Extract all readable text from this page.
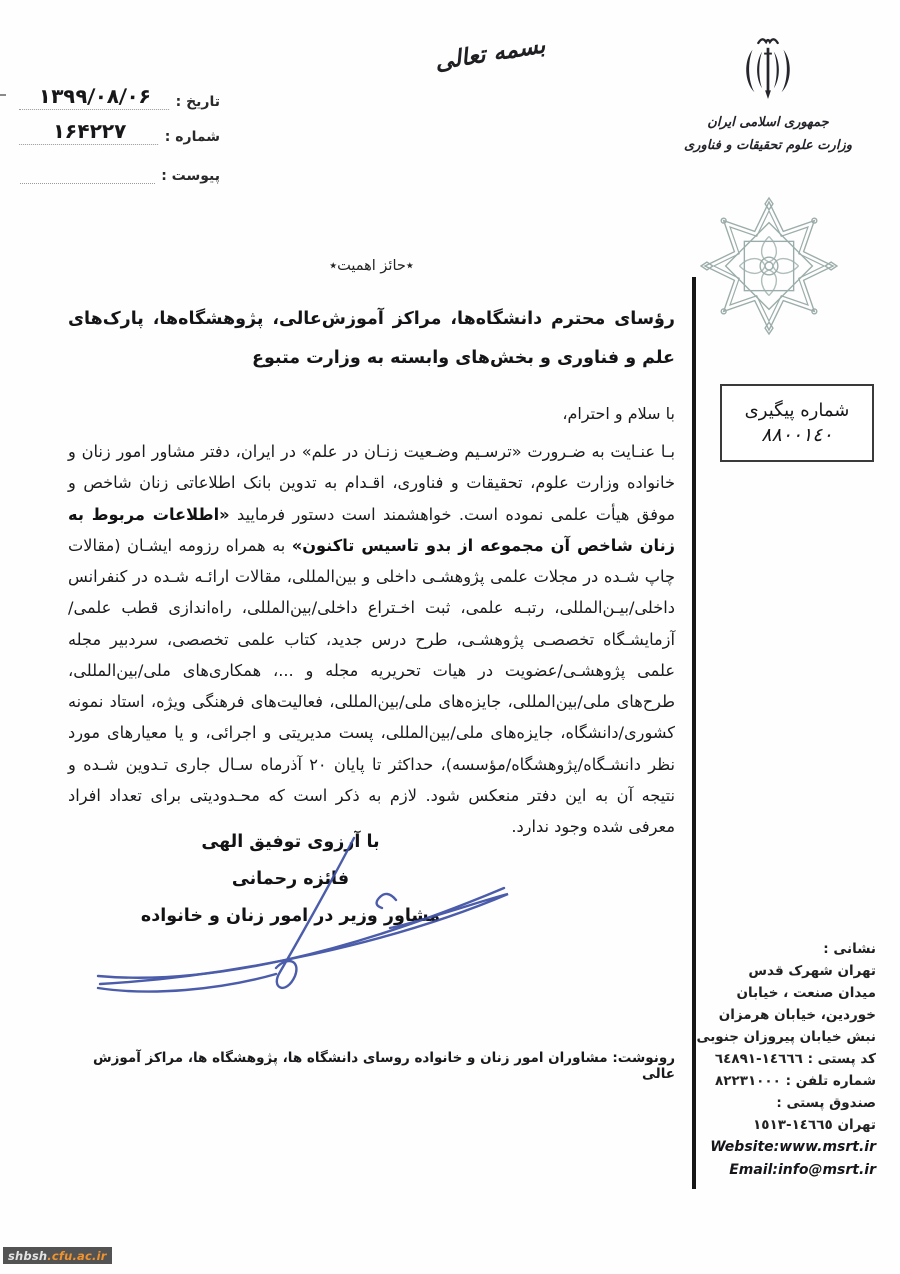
تاریخ :
۱۳۹۹/۰۸/۰۶
شماره :
۱۶۴۲۲۷
پیوست :
بسمه تعالی
جمهوری اسلامی ایران
وزارت علوم تحقیقات و فناوری
شماره پیگیری
٨٨٠٠١٤٠
٭حائز اهمیت٭
رؤسای محترم دانشگاه‌ها، مراکز آموزش‌عالی، پژوهشگاه‌ها، پارک‌های علم و فناوری و بخش‌های وابسته به وزارت متبوع
با سلام و احترام،
بـا عنـایت به ضـرورت «ترسـیم وضـعیت زنـان در علم» در ایران، دفتر مشاور امور زنان و خانواده وزارت علوم، تحقیقات و فناوری، اقـدام به تدوین بانک اطلاعاتی زنان شاخص و موفق هیأت علمی نموده است. خواهشمند است دستور فرمایید «اطلاعات مربوط به زنان شاخص آن مجموعه از بدو تاسیس تاکنون» به همراه رزومه ایشـان (مقالات چاپ شـده در مجلات علمی پژوهشـی داخلی و بین‌المللی، مقالات ارائـه شـده در کنفرانس داخلی/بیـن‌المللی، رتبـه علمی، ثبت اخـتراع داخلی/بین‌المللی، راه‌اندازی قطب علمی/آزمایشـگاه تخصصـی پژوهشـی، طرح درس جدید، کتاب علمی تخصصی، سردبیر مجله علمی پژوهشـی/عضویت در هیات تحریریه مجله و ...، همکاری‌های ملی/بین‌المللی، طرح‌های ملی/بین‌المللی، جایزه‌های ملی/بین‌المللی، فعالیت‌های فرهنگی ویژه، استاد نمونه کشوری/دانشگاه، جایزه‌های ملی/بین‌المللی، پست مدیریتی و اجرائی، و یا معیارهای مورد نظر دانشـگاه/پژوهشگاه/مؤسسه)، حداکثر تا پایان ۲۰ آذرماه سـال جاری تـدوین شـده و نتیجه آن به این دفتر منعکس شود. لازم به ذکر است که محـدودیتی برای تعداد افراد معرفی شده وجود ندارد.
با آرزوی توفیق الهی
فائزه رحمانی
مشاور وزیر در امور زنان و خانواده
رونوشت: مشاوران امور زنان و خانواده روسای دانشگاه ها، پژوهشگاه ها، مراکز آموزش عالی
نشانی :
تهران شهرک قدس
میدان صنعت ، خیابان
خوردین، خیابان هرمزان
نبش خیابان پیروزان جنوبی
کد پستی : ١٤٦٦٦-٦٤٨٩١
شماره تلفن : ٨٢٢٣١٠٠٠
صندوق پستی :
تهران ١٤٦٦٥-١٥١٣
Website:www.msrt.ir
Email:info@msrt.ir
shbsh .cfu.ac.ir
